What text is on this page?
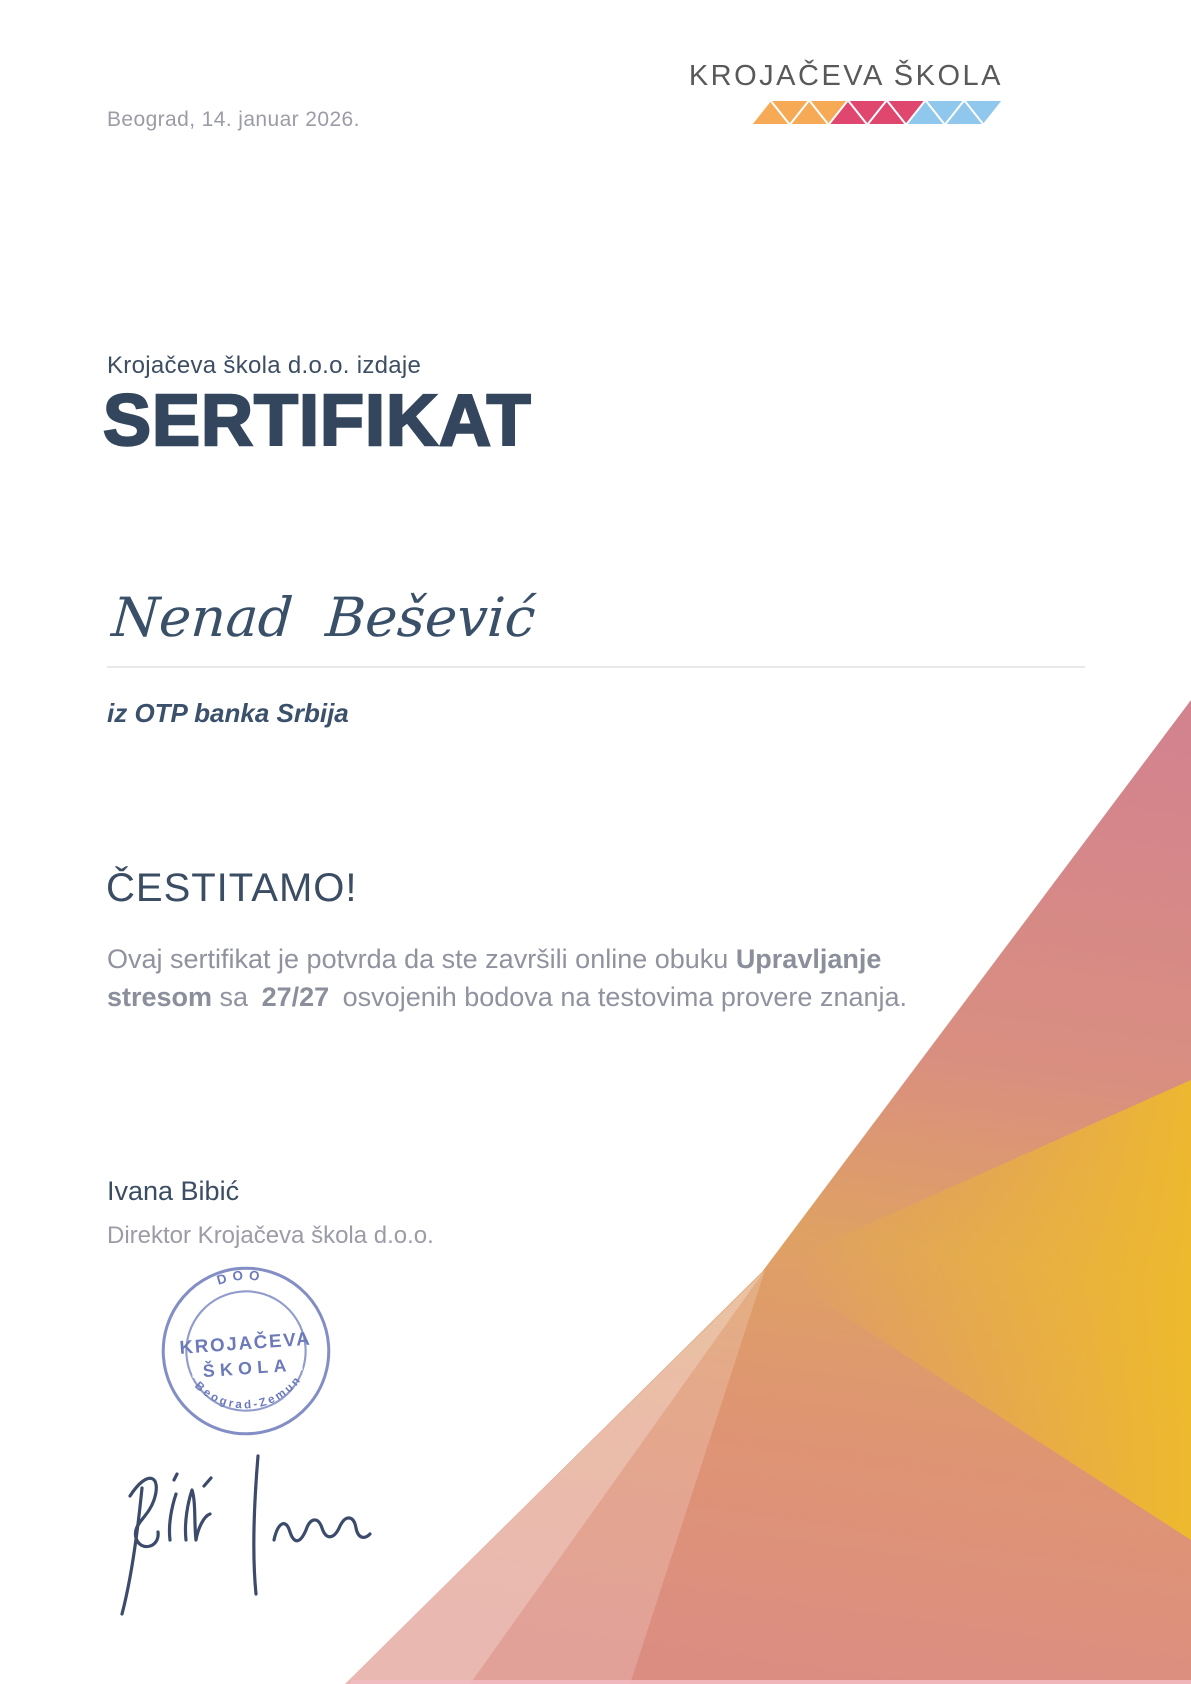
Beograd, 14. januar 2026.
KROJAČEVA ŠKOLA
Krojačeva škola d.o.o. izdaje
SERTIFIKAT
Nenad Bešević
iz OTP banka Srbija
ČESTITAMO!
Ovaj sertifikat je potvrda da ste završili online obuku Upravljanje stresom sa 27/27 osvojenih bodova na testovima provere znanja.
Ivana Bibić
Direktor Krojačeva škola d.o.o.
DOO
KROJAČEVA
ŠKOLA
Beograd-Zemun
